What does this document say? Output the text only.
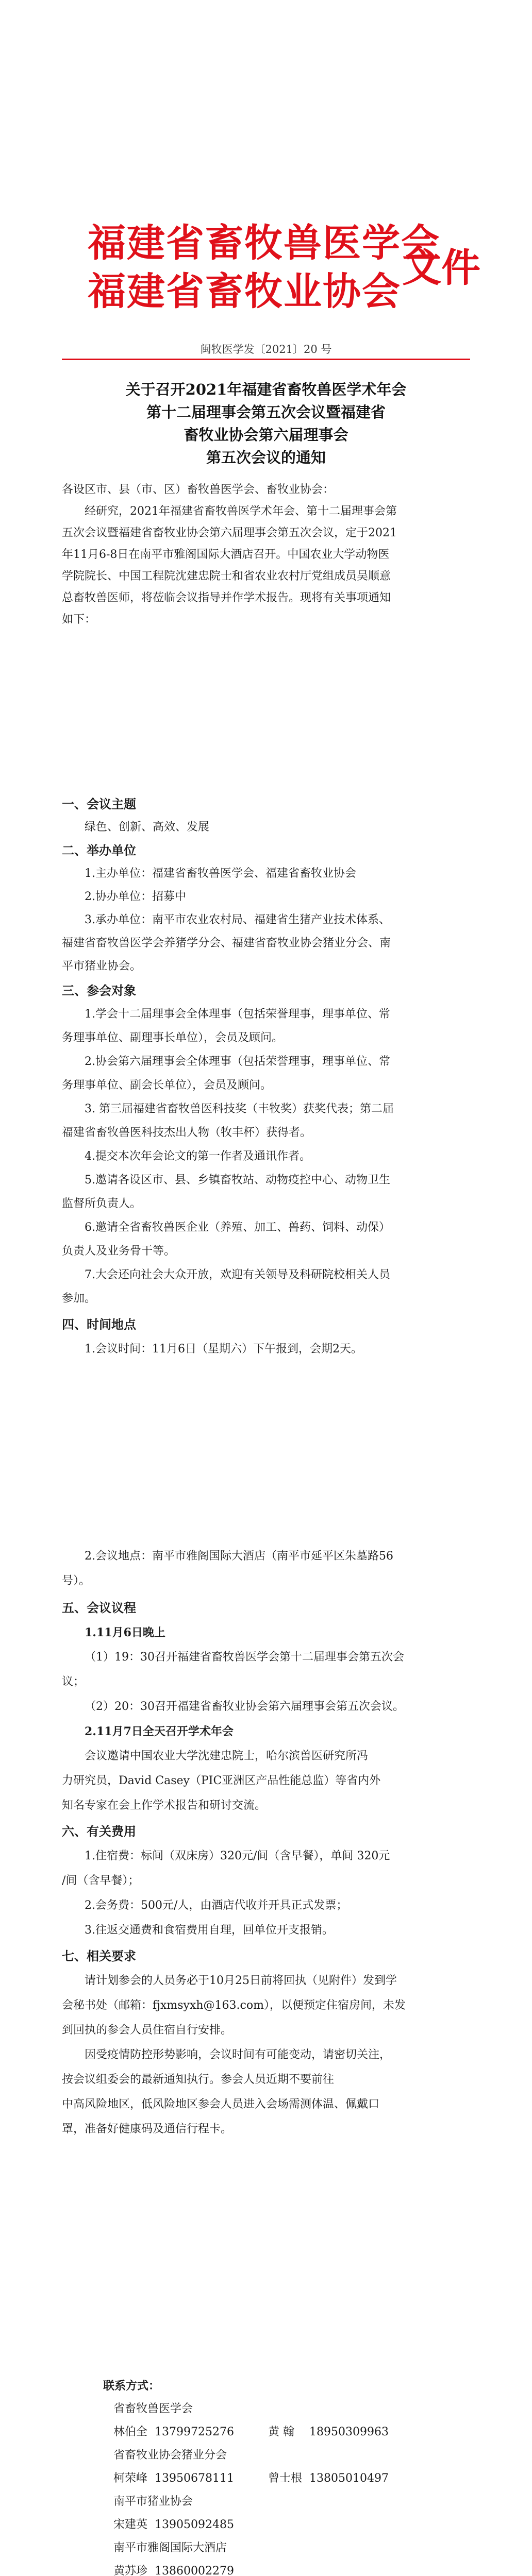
福建省畜牧兽医学会
福建省畜牧业协会
文件
闽牧医学发〔2021〕20 号
关于召开2021年福建省畜牧兽医学术年会
第十二届理事会第五次会议暨福建省
畜牧业协会第六届理事会
第五次会议的通知
各设区市、县（市、区）畜牧兽医学会、畜牧业协会：
经研究，2021年福建省畜牧兽医学术年会、第十二届理事会第
五次会议暨福建省畜牧业协会第六届理事会第五次会议，定于2021
年11月6-8日在南平市雅阁国际大酒店召开。中国农业大学动物医
学院院长、中国工程院沈建忠院士和省农业农村厅党组成员吴顺意
总畜牧兽医师，将莅临会议指导并作学术报告。现将有关事项通知
如下：
一、会议主题
绿色、创新、高效、发展
二、举办单位
1.主办单位：福建省畜牧兽医学会、福建省畜牧业协会
2.协办单位：招募中
3.承办单位：南平市农业农村局、福建省生猪产业技术体系、
福建省畜牧兽医学会养猪学分会、福建省畜牧业协会猪业分会、南
平市猪业协会。
三、参会对象
1.学会十二届理事会全体理事（包括荣誉理事，理事单位、常
务理事单位、副理事长单位），会员及顾问。
2.协会第六届理事会全体理事（包括荣誉理事，理事单位、常
务理事单位、副会长单位），会员及顾问。
3. 第三届福建省畜牧兽医科技奖（丰牧奖）获奖代表；第二届
福建省畜牧兽医科技杰出人物（牧丰杯）获得者。
4.提交本次年会论文的第一作者及通讯作者。
5.邀请各设区市、县、乡镇畜牧站、动物疫控中心、动物卫生
监督所负责人。
6.邀请全省畜牧兽医企业（养殖、加工、兽药、饲料、动保）
负责人及业务骨干等。
7.大会还向社会大众开放，欢迎有关领导及科研院校相关人员
参加。
四、时间地点
1.会议时间：11月6日（星期六）下午报到，会期2天。
2.会议地点：南平市雅阁国际大酒店（南平市延平区朱墓路56
号）。
五、会议议程
1.11月6日晚上
（1）19：30召开福建省畜牧兽医学会第十二届理事会第五次会
议；
（2）20：30召开福建省畜牧业协会第六届理事会第五次会议。
2.11月7日全天召开学术年会
会议邀请中国农业大学沈建忠院士，哈尔滨兽医研究所冯
力研究员，David Casey（PIC亚洲区产品性能总监）等省内外
知名专家在会上作学术报告和研讨交流。
六、有关费用
1.住宿费：标间（双床房）320元/间（含早餐），单间 320元
/间（含早餐）；
2.会务费：500元/人，由酒店代收并开具正式发票；
3.往返交通费和食宿费用自理，回单位开支报销。
七、相关要求
请计划参会的人员务必于10月25日前将回执（见附件）发到学
会秘书处（邮箱：fjxmsyxh@163.com），以便预定住宿房间，未发
到回执的参会人员住宿自行安排。
因受疫情防控形势影响，会议时间有可能变动，请密切关注，
按会议组委会的最新通知执行。参会人员近期不要前往
中高风险地区，低风险地区参会人员进入会场需测体温、佩戴口
罩，准备好健康码及通信行程卡。
联系方式：
省畜牧兽医学会
林伯全 13799725276	黄 翰 18950309963
省畜牧业协会猪业分会
柯荣峰 13950678111	曾士根 13805010497
南平市猪业协会
宋建英 13905092485
南平市雅阁国际大酒店
黄苏珍 13860002279
